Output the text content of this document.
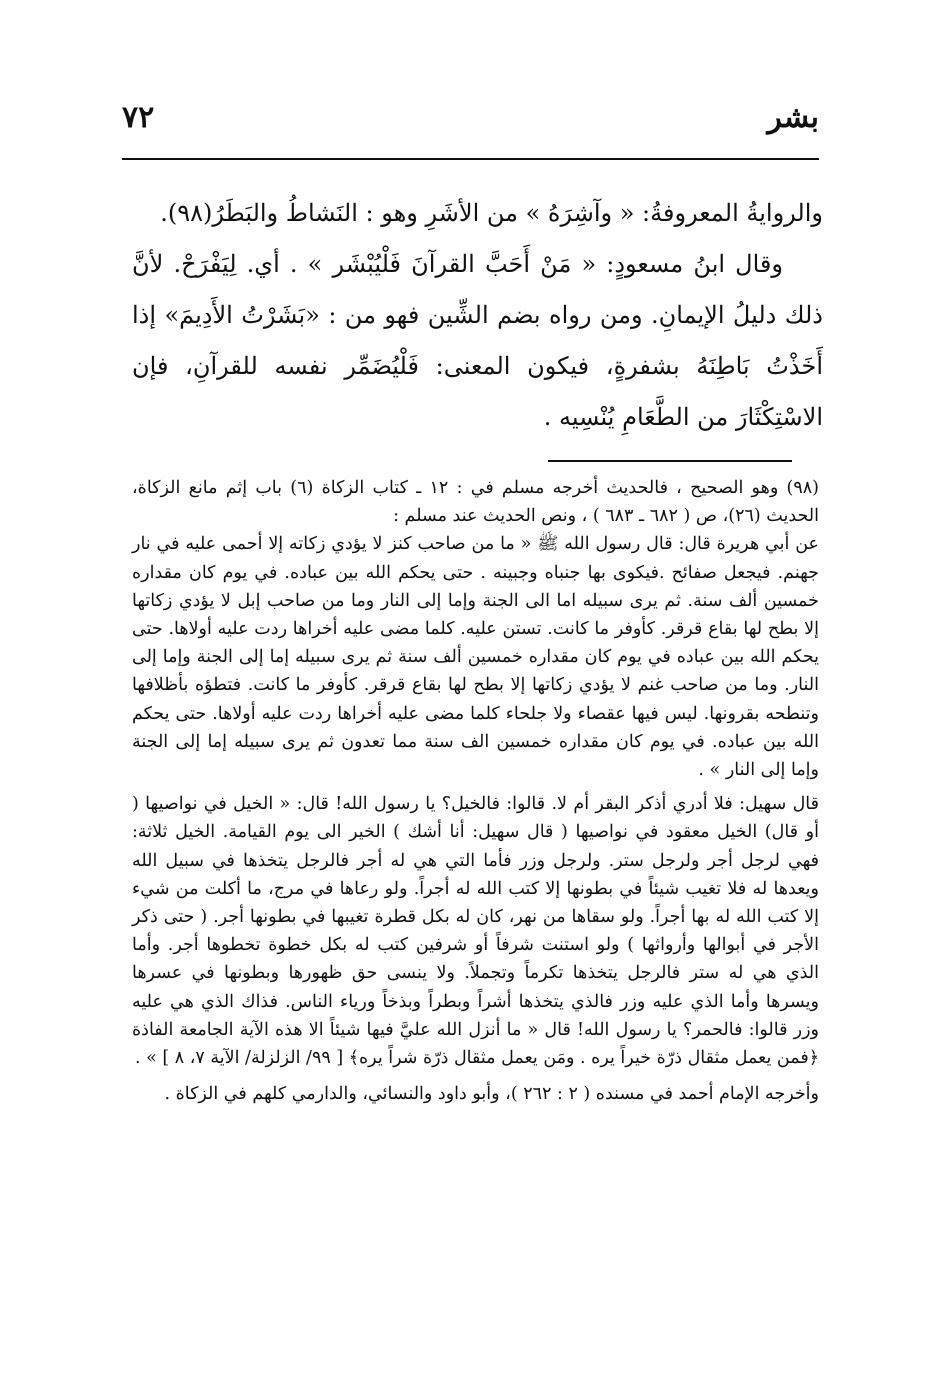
بشر
٧٢

والروايةُ المعروفةُ: « وآشِرَهُ » من الأشَرِ وهو : النَشاطُ والبَطَرُ(٩٨).

وقال ابنُ مسعودٍ: « مَنْ أَحَبَّ القرآنَ فَلْيُبْشَر » . أي. لِيَفْرَحْ. لأنَّ ذلك دليلُ الإيمانِ. ومن رواه بضم الشِّين فهو من : «بَشَرْتُ الأَدِيمَ» إذا أَخَذْتُ بَاطِنَهُ بشفرةٍ، فيكون المعنى: فَلْيُضَمِّر نفسه للقرآنِ، فإن الاسْتِكْثَارَ من الطَّعَامِ يُنْسِيه .

(٩٨) وهو الصحيح ، فالحديث أخرجه مسلم في : ١٢ ـ كتاب الزكاة (٦) باب إثم مانع الزكاة، الحديث (٢٦)، ص ( ٦٨٢ ـ ٦٨٣ ) ، ونص الحديث عند مسلم :

عن أبي هريرة قال: قال رسول الله ﷺ « ما من صاحب كنز لا يؤدي زكاته إلا أحمى عليه في نار جهنم. فيجعل صفائح .فيكوى بها جنباه وجبينه . حتى يحكم الله بين عباده. في يوم كان مقداره خمسين ألف سنة. ثم يرى سبيله اما الى الجنة وإما إلى النار وما من صاحب إبل لا يؤدي زكاتها إلا بطح لها بقاع قرقر. كأوفر ما كانت. تستن عليه. كلما مضى عليه أخراها ردت عليه أولاها. حتى يحكم الله بين عباده في يوم كان مقداره خمسين ألف سنة ثم يرى سبيله إما إلى الجنة وإما إلى النار. وما من صاحب غنم لا يؤدي زكاتها إلا بطح لها بقاع قرقر. كأوفر ما كانت. فتطؤه بأظلافها وتنطحه بقرونها. ليس فيها عقصاء ولا جلحاء كلما مضى عليه أخراها ردت عليه أولاها. حتى يحكم الله بين عباده. في يوم كان مقداره خمسين الف سنة مما تعدون ثم يرى سبيله إما إلى الجنة وإما إلى النار » .

قال سهيل: فلا أدري أذكر البقر أم لا. قالوا: فالخيل؟ يا رسول الله! قال: « الخيل في نواصيها ( أو قال) الخيل معقود في نواصيها ( قال سهيل: أنا أشك ) الخير الى يوم القيامة. الخيل ثلاثة: فهي لرجل أجر ولرجل ستر. ولرجل وزر فأما التي هي له أجر فالرجل يتخذها في سبيل الله ويعدها له فلا تغيب شيئاً في بطونها إلا كتب الله له أجراً. ولو رعاها في مرج، ما أكلت من شيء إلا كتب الله له بها أجراً. ولو سقاها من نهر، كان له بكل قطرة تغيبها في بطونها أجر. ( حتى ذكر الأجر في أبوالها وأرواثها ) ولو استنت شرفاً أو شرفين كتب له بكل خطوة تخطوها أجر. وأما الذي هي له ستر فالرجل يتخذها تكرماً وتجملاً. ولا ينسى حق ظهورها وبطونها في عسرها ويسرها وأما الذي عليه وزر فالذي يتخذها أشراً وبطراً وبذخاً ورياء الناس. فذاك الذي هي عليه وزر قالوا: فالحمر؟ يا رسول الله! قال « ما أنزل الله عليَّ فيها شيئاً الا هذه الآية الجامعة الفاذة ﴿فمن يعمل مثقال ذرّة خيراً يره . ومَن يعمل مثقال ذرّة شراً يره﴾ [ ٩٩/ الزلزلة/ الآية ٧، ٨ ] » .

وأخرجه الإمام أحمد في مسنده ( ٢ : ٢٦٢ )، وأبو داود والنسائي، والدارمي كلهم في الزكاة .
